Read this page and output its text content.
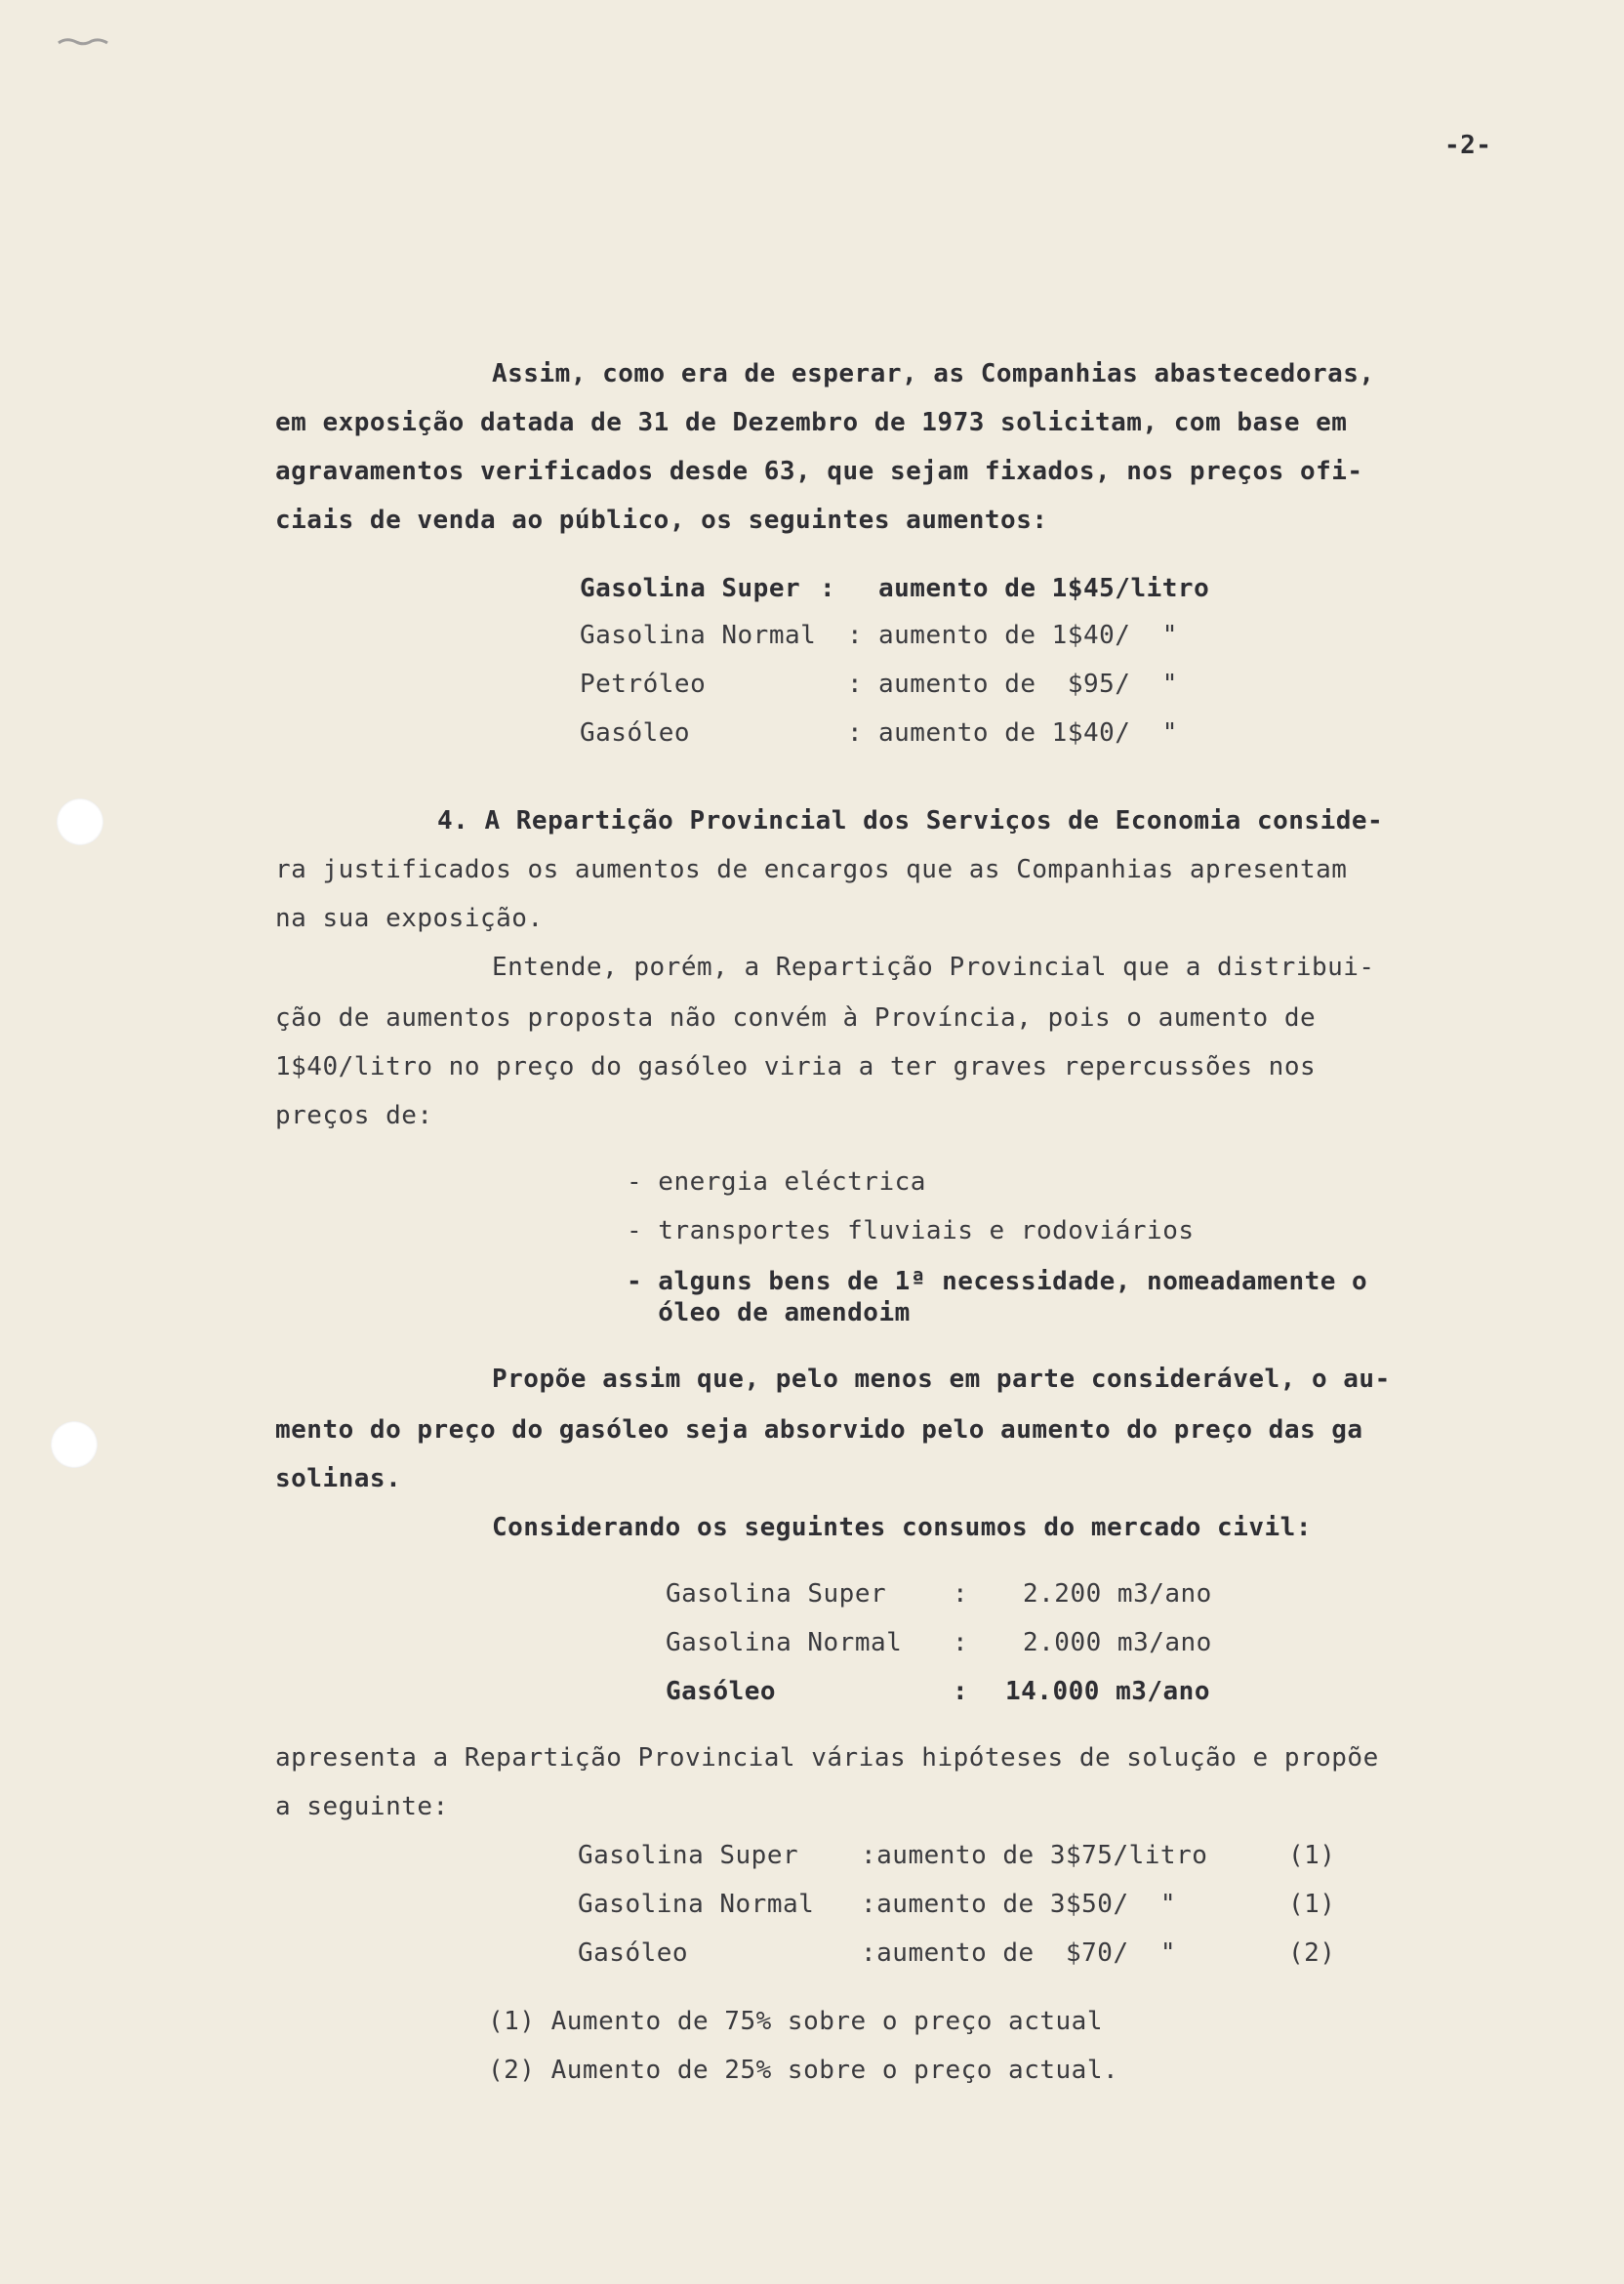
-2-
Assim, como era de esperar, as Companhias abastecedoras,
em exposição datada de 31 de Dezembro de 1973 solicitam, com base em
agravamentos verificados desde 63, que sejam fixados, nos preços ofi-
ciais de venda ao público, os seguintes aumentos:
Gasolina Super : aumento de 1$45/litro
Gasolina Normal : aumento de 1$40/  "
Petróleo	: aumento de  $95/  "
Gasóleo	: aumento de 1$40/  "
4. A Repartição Provincial dos Serviços de Economia conside-
ra justificados os aumentos de encargos que as Companhias apresentam
na sua exposição.
Entende, porém, a Repartição Provincial que a distribui-
ção de aumentos proposta não convém à Província, pois o aumento de
1$40/litro no preço do gasóleo viria a ter graves repercussões nos
preços de:
- energia eléctrica
- transportes fluviais e rodoviários
- alguns bens de 1ª necessidade, nomeadamente o
óleo de amendoim
Propõe assim que, pelo menos em parte considerável, o au-
mento do preço do gasóleo seja absorvido pelo aumento do preço das ga
solinas.
Considerando os seguintes consumos do mercado civil:
Gasolina Super	: 2.200 m3/ano
Gasolina Normal : 2.000 m3/ano
Gasóleo	: 14.000 m3/ano
apresenta a Repartição Provincial várias hipóteses de solução e propõe
a seguinte:
Gasolina Super :aumento de 3$75/litro	(1)
Gasolina Normal :aumento de 3$50/  "	(1)
Gasóleo	:aumento de  $70/  "	(2)
(1) Aumento de 75% sobre o preço actual
(2) Aumento de 25% sobre o preço actual.
